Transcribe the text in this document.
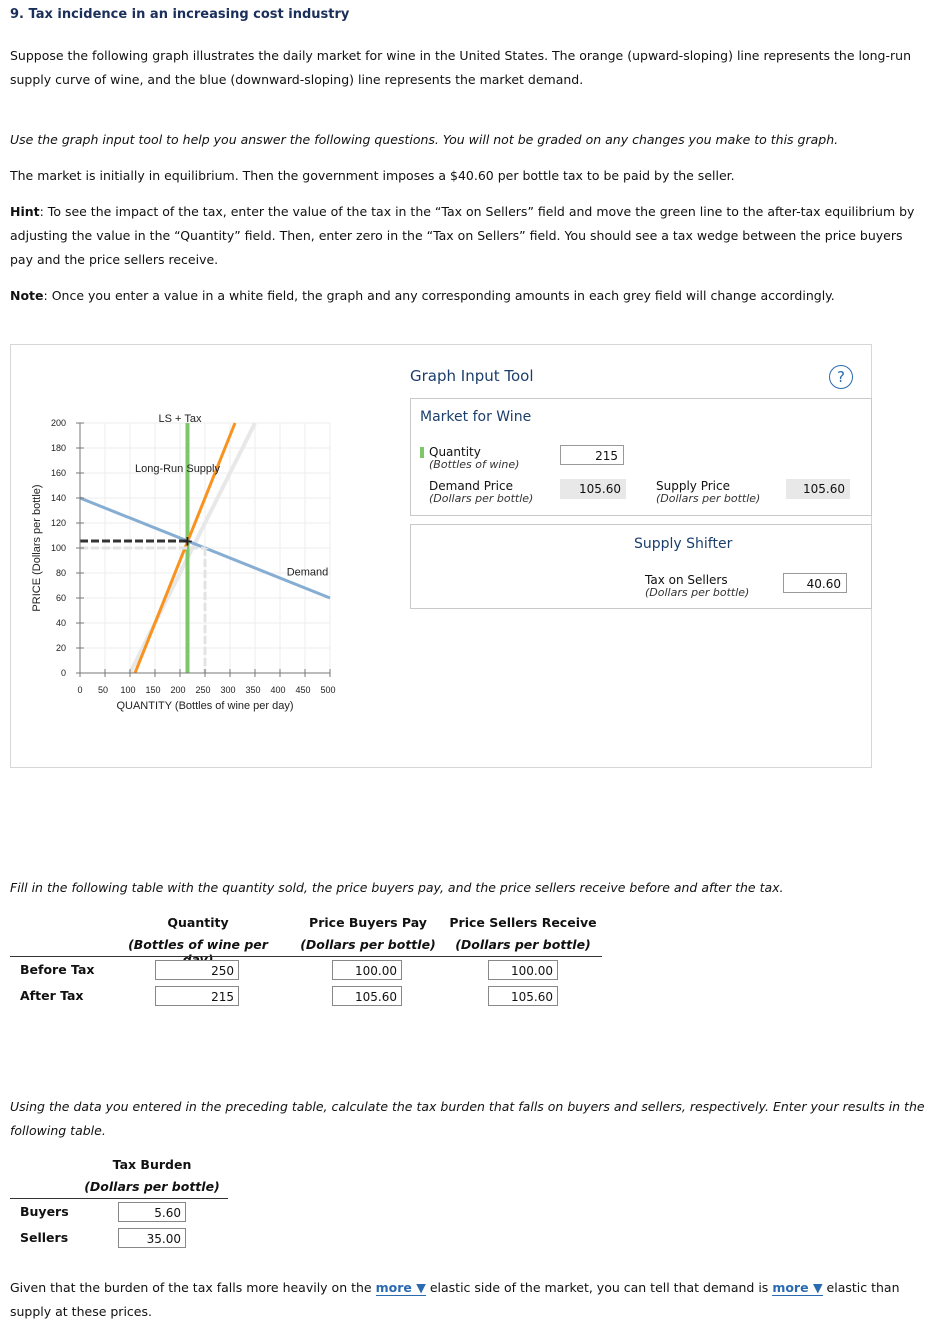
9. Tax incidence in an increasing cost industry
Suppose the following graph illustrates the daily market for wine in the United States. The orange (upward-sloping) line represents the long-run supply curve of wine, and the blue (downward-sloping) line represents the market demand.
Use the graph input tool to help you answer the following questions. You will not be graded on any changes you make to this graph.
The market is initially in equilibrium. Then the government imposes a $40.60 per bottle tax to be paid by the seller.
Hint: To see the impact of the tax, enter the value of the tax in the “Tax on Sellers” field and move the green line to the after-tax equilibrium by adjusting the value in the “Quantity” field. Then, enter zero in the “Tax on Sellers” field. You should see a tax wedge between the price buyers pay and the price sellers receive.
Note: Once you enter a value in a white field, the graph and any corresponding amounts in each grey field will change accordingly.
+
+
LS + Tax
Long-Run Supply
Demand
0
20
40
60
80
100
120
140
160
180
200
0 50 100 150 200 250 300 350 400 450 500
QUANTITY (Bottles of wine per day)
PRICE (Dollars per bottle)
Graph Input Tool	?
Market for Wine
Quantity
(Bottles of wine)
215
Demand Price
(Dollars per bottle)
105.60	Supply Price
(Dollars per bottle)
105.60
Supply Shifter
Tax on Sellers
(Dollars per bottle)
40.60
Fill in the following table with the quantity sold, the price buyers pay, and the price sellers receive before and after the tax.
Quantity
(Bottles of wine per
Price Buyers Pay
(Dollars per bottle)
Price Sellers Receive
(Dollars per bottle)
Before Tax	250	100.00	100.00
After Tax	215	105.60	105.60
Using the data you entered in the preceding table, calculate the tax burden that falls on buyers and sellers, respectively. Enter your results in the following table.
Tax Burden
(Dollars per bottle)
Buyers	5.60
Sellers	35.00
Given that the burden of the tax falls more heavily on the more ▼ elastic side of the market, you can tell that demand is more ▼ elastic than supply at these prices.
